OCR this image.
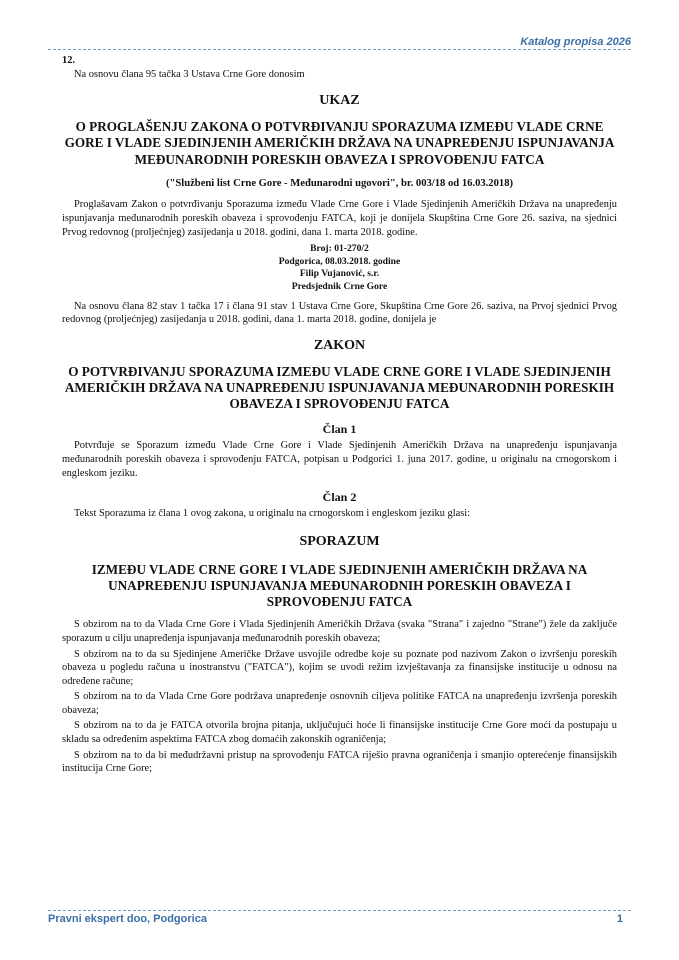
Katalog propisa 2026

12.

Na osnovu člana 95 tačka 3 Ustava Crne Gore donosim

UKAZ

O PROGLAŠENJU ZAKONA O POTVRĐIVANJU SPORAZUMA IZMEĐU VLADE CRNE GORE I VLADE SJEDINJENIH AMERIČKIH DRŽAVA NA UNAPREĐENJU ISPUNJAVANJA MEĐUNARODNIH PORESKIH OBAVEZA I SPROVOĐENJU FATCA

("Službeni list Crne Gore - Međunarodni ugovori", br. 003/18 od 16.03.2018)

Proglašavam Zakon o potvrđivanju Sporazuma između Vlade Crne Gore i Vlade Sjedinjenih Američkih Država na unapređenju ispunjavanja međunarodnih poreskih obaveza i sprovođenju FATCA, koji je donijela Skupština Crne Gore 26. saziva, na sjednici Prvog redovnog (proljećnjeg) zasijedanja u 2018. godini, dana 1. marta 2018. godine.

Broj: 01-270/2

Podgorica, 08.03.2018. godine

Filip Vujanović, s.r.

Predsjednik Crne Gore

Na osnovu člana 82 stav 1 tačka 17 i člana 91 stav 1 Ustava Crne Gore, Skupština Crne Gore 26. saziva, na Prvoj sjednici Prvog redovnog (proljećnjeg) zasijedanja u 2018. godini, dana 1. marta 2018. godine, donijela je

ZAKON

O POTVRĐIVANJU SPORAZUMA IZMEĐU VLADE CRNE GORE I VLADE SJEDINJENIH AMERIČKIH DRŽAVA NA UNAPREĐENJU ISPUNJAVANJA MEĐUNARODNIH PORESKIH OBAVEZA I SPROVOĐENJU FATCA

Član 1

Potvrđuje se Sporazum između Vlade Crne Gore i Vlade Sjedinjenih Američkih Država na unapređenju ispunjavanja međunarodnih poreskih obaveza i sprovođenju FATCA, potpisan u Podgorici 1. juna 2017. godine, u originalu na crnogorskom i engleskom jeziku.

Član 2

Tekst Sporazuma iz člana 1 ovog zakona, u originalu na crnogorskom i engleskom jeziku glasi:

SPORAZUM

IZMEĐU VLADE CRNE GORE I VLADE SJEDINJENIH AMERIČKIH DRŽAVA NA UNAPREĐENJU ISPUNJAVANJA MEĐUNARODNIH PORESKIH OBAVEZA I SPROVOĐENJU FATCA

S obzirom na to da Vlada Crne Gore i Vlada Sjedinjenih Američkih Država (svaka "Strana" i zajedno "Strane") žele da zaključe sporazum u cilju unapređenja ispunjavanja međunarodnih poreskih obaveza;

S obzirom na to da su Sjedinjene Američke Države usvojile odredbe koje su poznate pod nazivom Zakon o izvršenju poreskih obaveza u pogledu računa u inostranstvu ("FATCA"), kojim se uvodi režim izvještavanja za finansijske institucije u odnosu na određene račune;

S obzirom na to da Vlada Crne Gore podržava unapređenje osnovnih ciljeva politike FATCA na unapređenju izvršenja poreskih obaveza;

S obzirom na to da je FATCA otvorila brojna pitanja, uključujući hoće li finansijske institucije Crne Gore moći da postupaju u skladu sa određenim aspektima FATCA zbog domaćih zakonskih ograničenja;

S obzirom na to da bi međudržavni pristup na sprovođenju FATCA riješio pravna ograničenja i smanjio opterećenje finansijskih institucija Crne Gore;

Pravni ekspert doo, Podgorica	1
